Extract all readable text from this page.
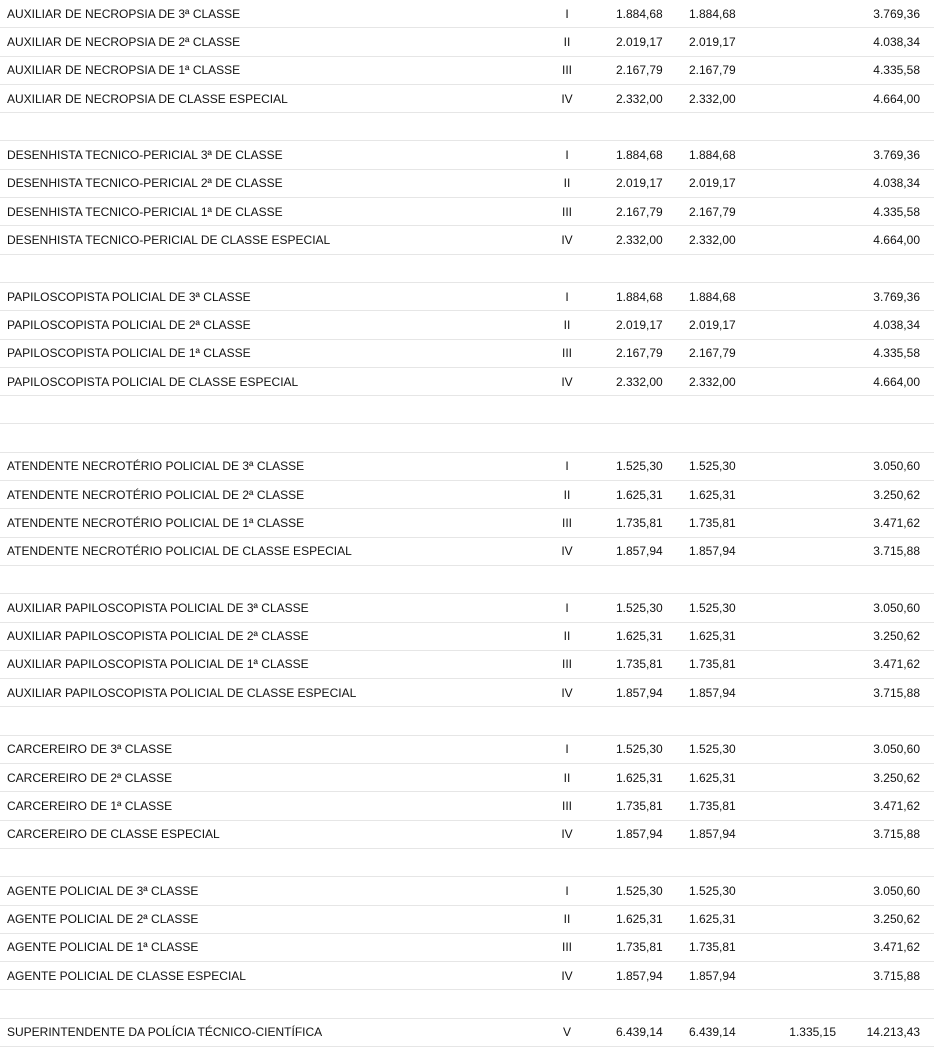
AUXILIAR DE NECROPSIA DE 3ª CLASSE	I	1.884,68	1.884,68		3.769,36
AUXILIAR DE NECROPSIA DE 2ª CLASSE	II	2.019,17	2.019,17		4.038,34
AUXILIAR DE NECROPSIA DE 1ª CLASSE	III	2.167,79	2.167,79		4.335,58
AUXILIAR DE NECROPSIA DE CLASSE ESPECIAL	IV	2.332,00	2.332,00		4.664,00

DESENHISTA TECNICO-PERICIAL 3ª DE CLASSE	I	1.884,68	1.884,68		3.769,36
DESENHISTA TECNICO-PERICIAL 2ª DE CLASSE	II	2.019,17	2.019,17		4.038,34
DESENHISTA TECNICO-PERICIAL 1ª DE CLASSE	III	2.167,79	2.167,79		4.335,58
DESENHISTA TECNICO-PERICIAL DE CLASSE ESPECIAL	IV	2.332,00	2.332,00		4.664,00

PAPILOSCOPISTA POLICIAL DE 3ª CLASSE	I	1.884,68	1.884,68		3.769,36
PAPILOSCOPISTA POLICIAL DE 2ª CLASSE	II	2.019,17	2.019,17		4.038,34
PAPILOSCOPISTA POLICIAL DE 1ª CLASSE	III	2.167,79	2.167,79		4.335,58
PAPILOSCOPISTA POLICIAL DE CLASSE ESPECIAL	IV	2.332,00	2.332,00		4.664,00

ATENDENTE NECROTÉRIO POLICIAL DE 3ª CLASSE	I	1.525,30	1.525,30		3.050,60
ATENDENTE NECROTÉRIO POLICIAL DE 2ª CLASSE	II	1.625,31	1.625,31		3.250,62
ATENDENTE NECROTÉRIO POLICIAL DE 1ª CLASSE	III	1.735,81	1.735,81		3.471,62
ATENDENTE NECROTÉRIO POLICIAL DE CLASSE ESPECIAL	IV	1.857,94	1.857,94		3.715,88

AUXILIAR PAPILOSCOPISTA POLICIAL DE 3ª CLASSE	I	1.525,30	1.525,30		3.050,60
AUXILIAR PAPILOSCOPISTA POLICIAL DE 2ª CLASSE	II	1.625,31	1.625,31		3.250,62
AUXILIAR PAPILOSCOPISTA POLICIAL DE 1ª CLASSE	III	1.735,81	1.735,81		3.471,62
AUXILIAR PAPILOSCOPISTA POLICIAL DE CLASSE ESPECIAL	IV	1.857,94	1.857,94		3.715,88

CARCEREIRO DE 3ª CLASSE	I	1.525,30	1.525,30		3.050,60
CARCEREIRO DE 2ª CLASSE	II	1.625,31	1.625,31		3.250,62
CARCEREIRO DE 1ª CLASSE	III	1.735,81	1.735,81		3.471,62
CARCEREIRO DE CLASSE ESPECIAL	IV	1.857,94	1.857,94		3.715,88

AGENTE POLICIAL DE 3ª CLASSE	I	1.525,30	1.525,30		3.050,60
AGENTE POLICIAL DE 2ª CLASSE	II	1.625,31	1.625,31		3.250,62
AGENTE POLICIAL DE 1ª CLASSE	III	1.735,81	1.735,81		3.471,62
AGENTE POLICIAL DE CLASSE ESPECIAL	IV	1.857,94	1.857,94		3.715,88

SUPERINTENDENTE DA POLÍCIA TÉCNICO-CIENTÍFICA	V	6.439,14	6.439,14	1.335,15	14.213,43
